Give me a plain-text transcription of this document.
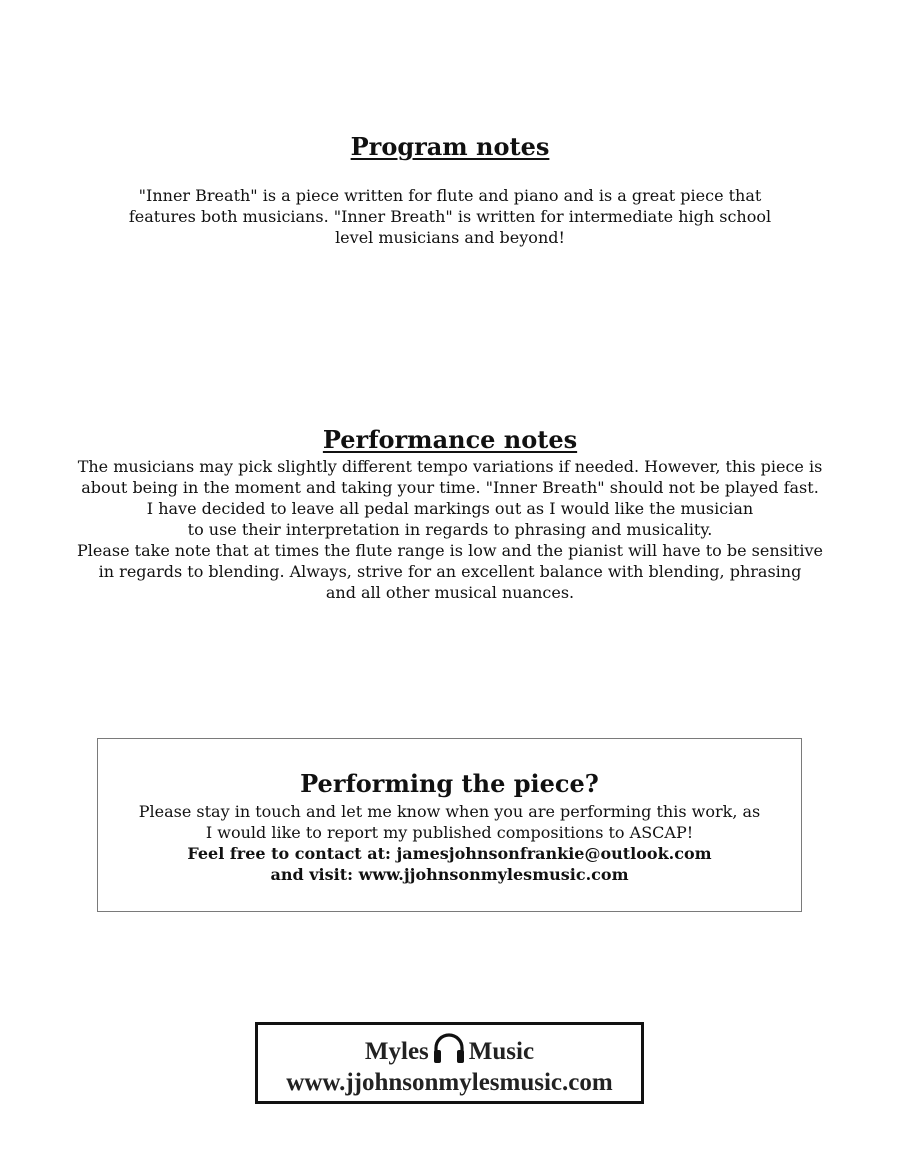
Program notes
"Inner Breath" is a piece written for flute and piano and is a great piece that
features both musicians. "Inner Breath" is written for intermediate high school
level musicians and beyond!
Performance notes
The musicians may pick slightly different tempo variations if needed. However, this piece is
about being in the moment and taking your time. "Inner Breath" should not be played fast.
I have decided to leave all pedal markings out as I would like the musician
to use their interpretation in regards to phrasing and musicality.
Please take note that at times the flute range is low and the pianist will have to be sensitive
in regards to blending. Always, strive for an excellent balance with blending, phrasing
and all other musical nuances.
Performing the piece?
Please stay in touch and let me know when you are performing this work, as
I would like to report my published compositions to ASCAP!
Feel free to contact at: jamesjohnsonfrankie@outlook.com
and visit: www.jjohnsonmylesmusic.com
Myles Music
www.jjohnsonmylesmusic.com
